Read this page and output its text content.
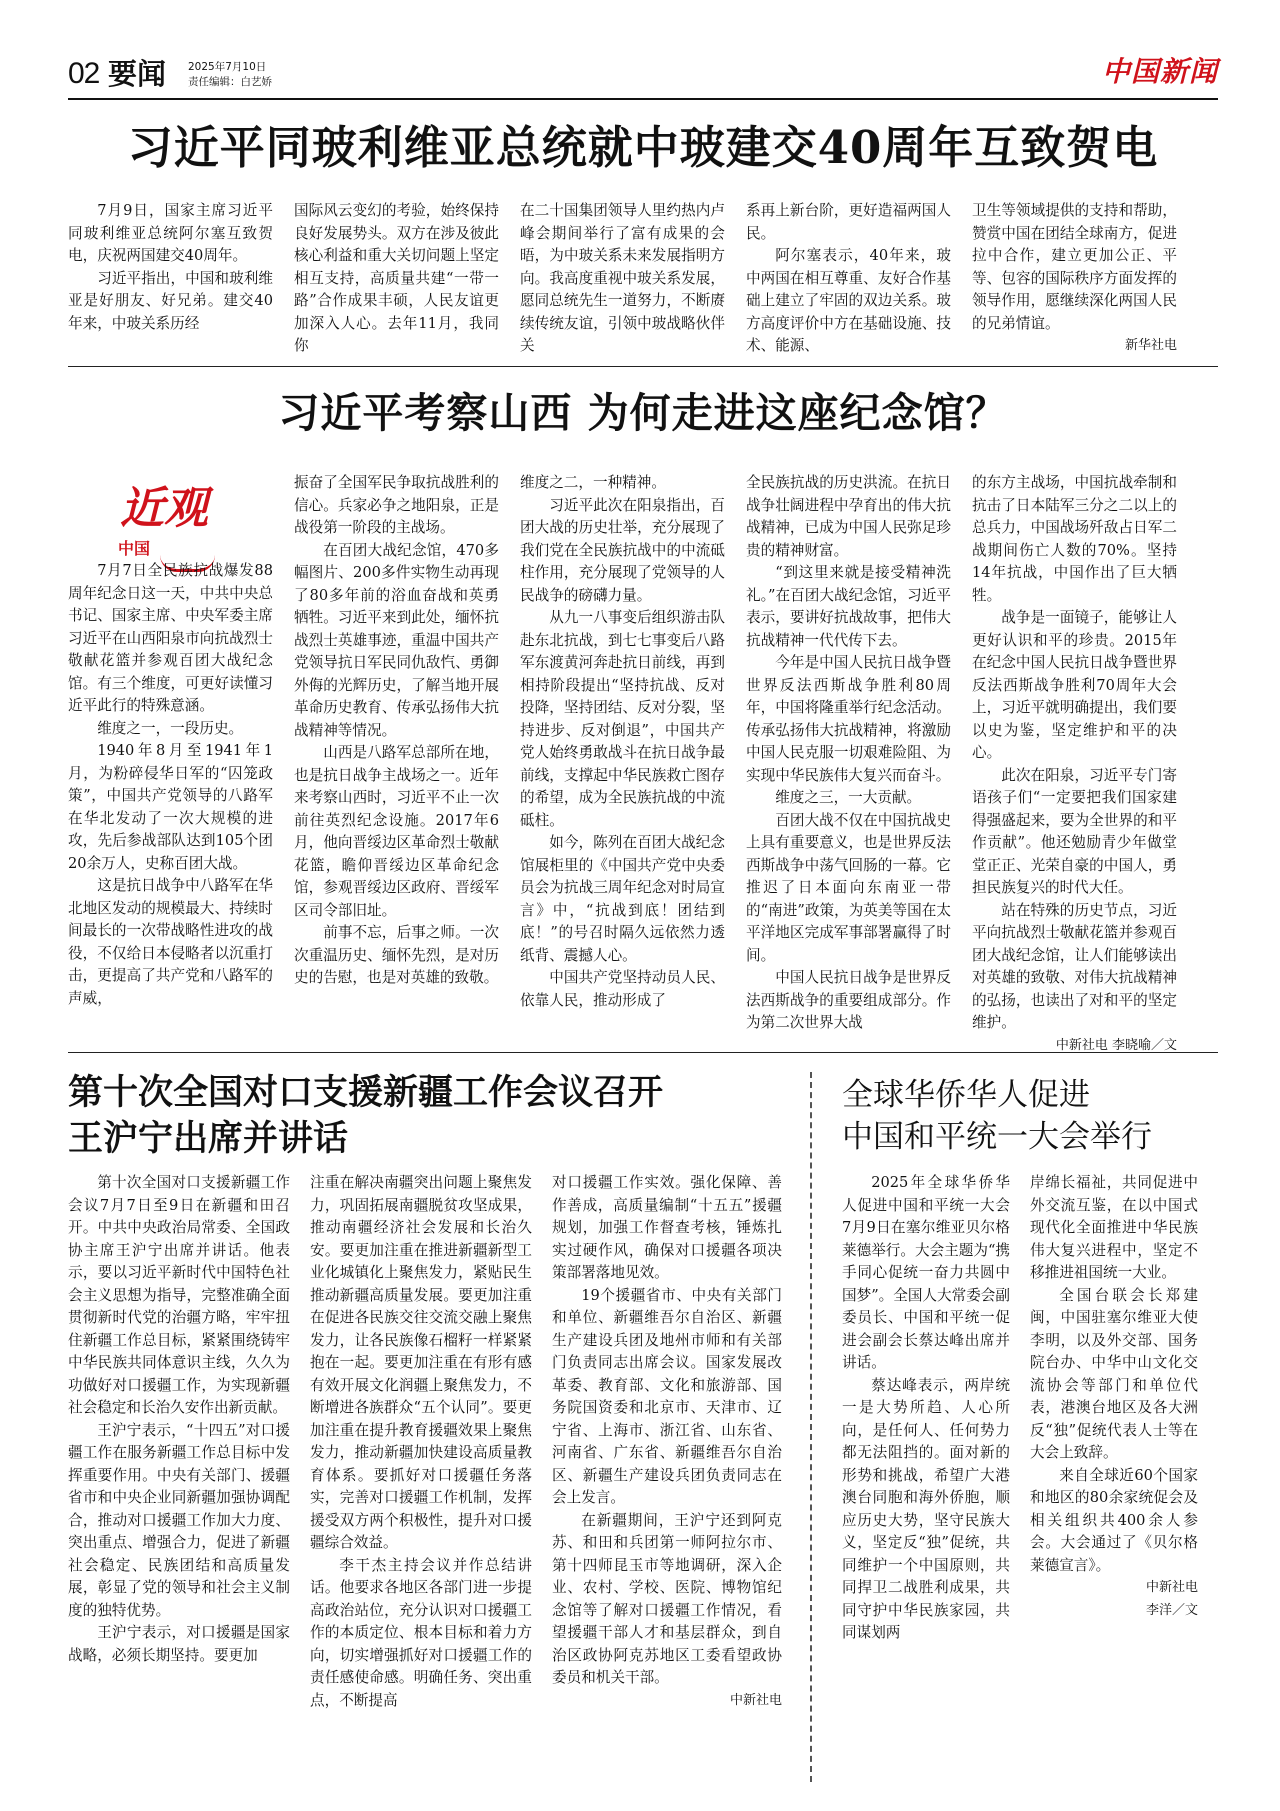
02 要闻 2025年7月10日
责任编辑：白艺娇	中国新闻
习近平同玻利维亚总统就中玻建交40周年互致贺电

7月9日，国家主席习近平同玻利维亚总统阿尔塞互致贺电，庆祝两国建交40周年。

习近平指出，中国和玻利维亚是好朋友、好兄弟。建交40年来，中玻关系历经

国际风云变幻的考验，始终保持良好发展势头。双方在涉及彼此核心利益和重大关切问题上坚定相互支持，高质量共建“一带一路”合作成果丰硕，人民友谊更加深入人心。去年11月，我同你

在二十国集团领导人里约热内卢峰会期间举行了富有成果的会晤，为中玻关系未来发展指明方向。我高度重视中玻关系发展，愿同总统先生一道努力，不断赓续传统友谊，引领中玻战略伙伴关

系再上新台阶，更好造福两国人民。

阿尔塞表示，40年来，玻中两国在相互尊重、友好合作基础上建立了牢固的双边关系。玻方高度评价中方在基础设施、技术、能源、

卫生等领域提供的支持和帮助，赞赏中国在团结全球南方，促进拉中合作，建立更加公正、平等、包容的国际秩序方面发挥的领导作用，愿继续深化两国人民的兄弟情谊。

新华社电
习近平考察山西 为何走进这座纪念馆？
近观
中国

7月7日全民族抗战爆发88周年纪念日这一天，中共中央总书记、国家主席、中央军委主席习近平在山西阳泉市向抗战烈士敬献花篮并参观百团大战纪念馆。有三个维度，可更好读懂习近平此行的特殊意涵。

维度之一，一段历史。

1940年8月至1941年1月，为粉碎侵华日军的“囚笼政策”，中国共产党领导的八路军在华北发动了一次大规模的进攻，先后参战部队达到105个团20余万人，史称百团大战。

这是抗日战争中八路军在华北地区发动的规模最大、持续时间最长的一次带战略性进攻的战役，不仅给日本侵略者以沉重打击，更提高了共产党和八路军的声威，

振奋了全国军民争取抗战胜利的信心。兵家必争之地阳泉，正是战役第一阶段的主战场。

在百团大战纪念馆，470多幅图片、200多件实物生动再现了80多年前的浴血奋战和英勇牺牲。习近平来到此处，缅怀抗战烈士英雄事迹，重温中国共产党领导抗日军民同仇敌忾、勇御外侮的光辉历史，了解当地开展革命历史教育、传承弘扬伟大抗战精神等情况。

山西是八路军总部所在地，也是抗日战争主战场之一。近年来考察山西时，习近平不止一次前往英烈纪念设施。2017年6月，他向晋绥边区革命烈士敬献花篮，瞻仰晋绥边区革命纪念馆，参观晋绥边区政府、晋绥军区司令部旧址。

前事不忘，后事之师。一次次重温历史、缅怀先烈，是对历史的告慰，也是对英雄的致敬。

维度之二，一种精神。

习近平此次在阳泉指出，百团大战的历史壮举，充分展现了我们党在全民族抗战中的中流砥柱作用，充分展现了党领导的人民战争的磅礴力量。

从九一八事变后组织游击队赴东北抗战，到七七事变后八路军东渡黄河奔赴抗日前线，再到相持阶段提出“坚持抗战、反对投降，坚持团结、反对分裂，坚持进步、反对倒退”，中国共产党人始终勇敢战斗在抗日战争最前线，支撑起中华民族救亡图存的希望，成为全民族抗战的中流砥柱。

如今，陈列在百团大战纪念馆展柜里的《中国共产党中央委员会为抗战三周年纪念对时局宣言》中，“抗战到底！团结到底！”的号召时隔久远依然力透纸背、震撼人心。

中国共产党坚持动员人民、依靠人民，推动形成了

全民族抗战的历史洪流。在抗日战争壮阔进程中孕育出的伟大抗战精神，已成为中国人民弥足珍贵的精神财富。

“到这里来就是接受精神洗礼。”在百团大战纪念馆，习近平表示，要讲好抗战故事，把伟大抗战精神一代代传下去。

今年是中国人民抗日战争暨世界反法西斯战争胜利80周年，中国将隆重举行纪念活动。传承弘扬伟大抗战精神，将激励中国人民克服一切艰难险阻、为实现中华民族伟大复兴而奋斗。

维度之三，一大贡献。

百团大战不仅在中国抗战史上具有重要意义，也是世界反法西斯战争中荡气回肠的一幕。它推迟了日本面向东南亚一带的“南进”政策，为英美等国在太平洋地区完成军事部署赢得了时间。

中国人民抗日战争是世界反法西斯战争的重要组成部分。作为第二次世界大战

的东方主战场，中国抗战牵制和抗击了日本陆军三分之二以上的总兵力，中国战场歼敌占日军二战期间伤亡人数的70%。坚持14年抗战，中国作出了巨大牺牲。

战争是一面镜子，能够让人更好认识和平的珍贵。2015年在纪念中国人民抗日战争暨世界反法西斯战争胜利70周年大会上，习近平就明确提出，我们要以史为鉴，坚定维护和平的决心。

此次在阳泉，习近平专门寄语孩子们“一定要把我们国家建得强盛起来，要为全世界的和平作贡献”。他还勉励青少年做堂堂正正、光荣自豪的中国人，勇担民族复兴的时代大任。

站在特殊的历史节点，习近平向抗战烈士敬献花篮并参观百团大战纪念馆，让人们能够读出对英雄的致敬、对伟大抗战精神的弘扬，也读出了对和平的坚定维护。

中新社电 李晓喻／文
第十次全国对口支援新疆工作会议召开
王沪宁出席并讲话

第十次全国对口支援新疆工作会议7月7日至9日在新疆和田召开。中共中央政治局常委、全国政协主席王沪宁出席并讲话。他表示，要以习近平新时代中国特色社会主义思想为指导，完整准确全面贯彻新时代党的治疆方略，牢牢扭住新疆工作总目标，紧紧围绕铸牢中华民族共同体意识主线，久久为功做好对口援疆工作，为实现新疆社会稳定和长治久安作出新贡献。

王沪宁表示，“十四五”对口援疆工作在服务新疆工作总目标中发挥重要作用。中央有关部门、援疆省市和中央企业同新疆加强协调配合，推动对口援疆工作加大力度、突出重点、增强合力，促进了新疆社会稳定、民族团结和高质量发展，彰显了党的领导和社会主义制度的独特优势。

王沪宁表示，对口援疆是国家战略，必须长期坚持。要更加

注重在解决南疆突出问题上聚焦发力，巩固拓展南疆脱贫攻坚成果，推动南疆经济社会发展和长治久安。要更加注重在推进新疆新型工业化城镇化上聚焦发力，紧贴民生推动新疆高质量发展。要更加注重在促进各民族交往交流交融上聚焦发力，让各民族像石榴籽一样紧紧抱在一起。要更加注重在有形有感有效开展文化润疆上聚焦发力，不断增进各族群众“五个认同”。要更加注重在提升教育援疆效果上聚焦发力，推动新疆加快建设高质量教育体系。要抓好对口援疆任务落实，完善对口援疆工作机制，发挥援受双方两个积极性，提升对口援疆综合效益。

李干杰主持会议并作总结讲话。他要求各地区各部门进一步提高政治站位，充分认识对口援疆工作的本质定位、根本目标和着力方向，切实增强抓好对口援疆工作的责任感使命感。明确任务、突出重点，不断提高

对口援疆工作实效。强化保障、善作善成，高质量编制“十五五”援疆规划，加强工作督查考核，锤炼扎实过硬作风，确保对口援疆各项决策部署落地见效。

19个援疆省市、中央有关部门和单位、新疆维吾尔自治区、新疆生产建设兵团及地州市师和有关部门负责同志出席会议。国家发展改革委、教育部、文化和旅游部、国务院国资委和北京市、天津市、辽宁省、上海市、浙江省、山东省、河南省、广东省、新疆维吾尔自治区、新疆生产建设兵团负责同志在会上发言。

在新疆期间，王沪宁还到阿克苏、和田和兵团第一师阿拉尔市、第十四师昆玉市等地调研，深入企业、农村、学校、医院、博物馆纪念馆等了解对口援疆工作情况，看望援疆干部人才和基层群众，到自治区政协阿克苏地区工委看望政协委员和机关干部。

中新社电
全球华侨华人促进
中国和平统一大会举行

2025年全球华侨华人促进中国和平统一大会7月9日在塞尔维亚贝尔格莱德举行。大会主题为“携手同心促统一奋力共圆中国梦”。全国人大常委会副委员长、中国和平统一促进会副会长蔡达峰出席并讲话。

蔡达峰表示，两岸统一是大势所趋、人心所向，是任何人、任何势力都无法阻挡的。面对新的形势和挑战，希望广大港澳台同胞和海外侨胞，顺应历史大势，坚守民族大义，坚定反“独”促统，共同维护一个中国原则，共同捍卫二战胜利成果，共同守护中华民族家园，共同谋划两

岸绵长福祉，共同促进中外交流互鉴，在以中国式现代化全面推进中华民族伟大复兴进程中，坚定不移推进祖国统一大业。

全国台联会长郑建闽，中国驻塞尔维亚大使李明，以及外交部、国务院台办、中华中山文化交流协会等部门和单位代表，港澳台地区及各大洲反“独”促统代表人士等在大会上致辞。

来自全球近60个国家和地区的80余家统促会及相关组织共400余人参会。大会通过了《贝尔格莱德宣言》。

中新社电
李洋／文
